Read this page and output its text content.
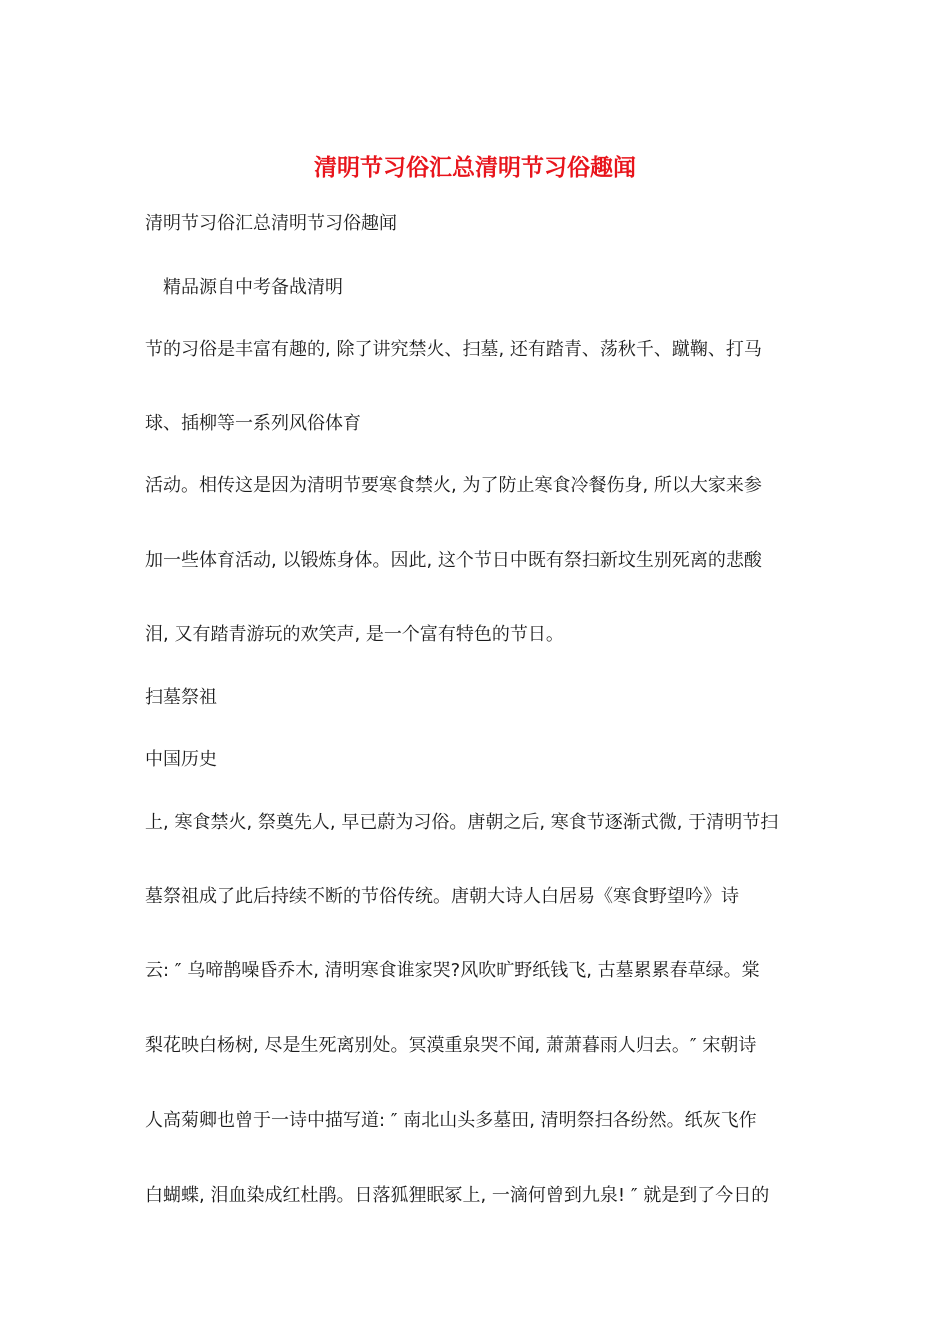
清明节习俗汇总清明节习俗趣闻

清明节习俗汇总清明节习俗趣闻

精品源自中考备战清明

节的习俗是丰富有趣的, 除了讲究禁火、扫墓, 还有踏青、荡秋千、蹴鞠、打马

球、插柳等一系列风俗体育

活动。相传这是因为清明节要寒食禁火, 为了防止寒食冷餐伤身, 所以大家来参

加一些体育活动, 以锻炼身体。因此, 这个节日中既有祭扫新坟生别死离的悲酸

泪, 又有踏青游玩的欢笑声, 是一个富有特色的节日。

扫墓祭祖

中国历史

上, 寒食禁火, 祭奠先人, 早已蔚为习俗。唐朝之后, 寒食节逐渐式微, 于清明节扫

墓祭祖成了此后持续不断的节俗传统。唐朝大诗人白居易《寒食野望吟》诗

云: ″ 乌啼鹊噪昏乔木, 清明寒食谁家哭?风吹旷野纸钱飞, 古墓累累春草绿。棠

梨花映白杨树, 尽是生死离别处。冥漠重泉哭不闻, 萧萧暮雨人归去。″ 宋朝诗

人高菊卿也曾于一诗中描写道: ″ 南北山头多墓田, 清明祭扫各纷然。纸灰飞作

白蝴蝶, 泪血染成红杜鹃。日落狐狸眠冢上, 一滴何曾到九泉! ″ 就是到了今日的
